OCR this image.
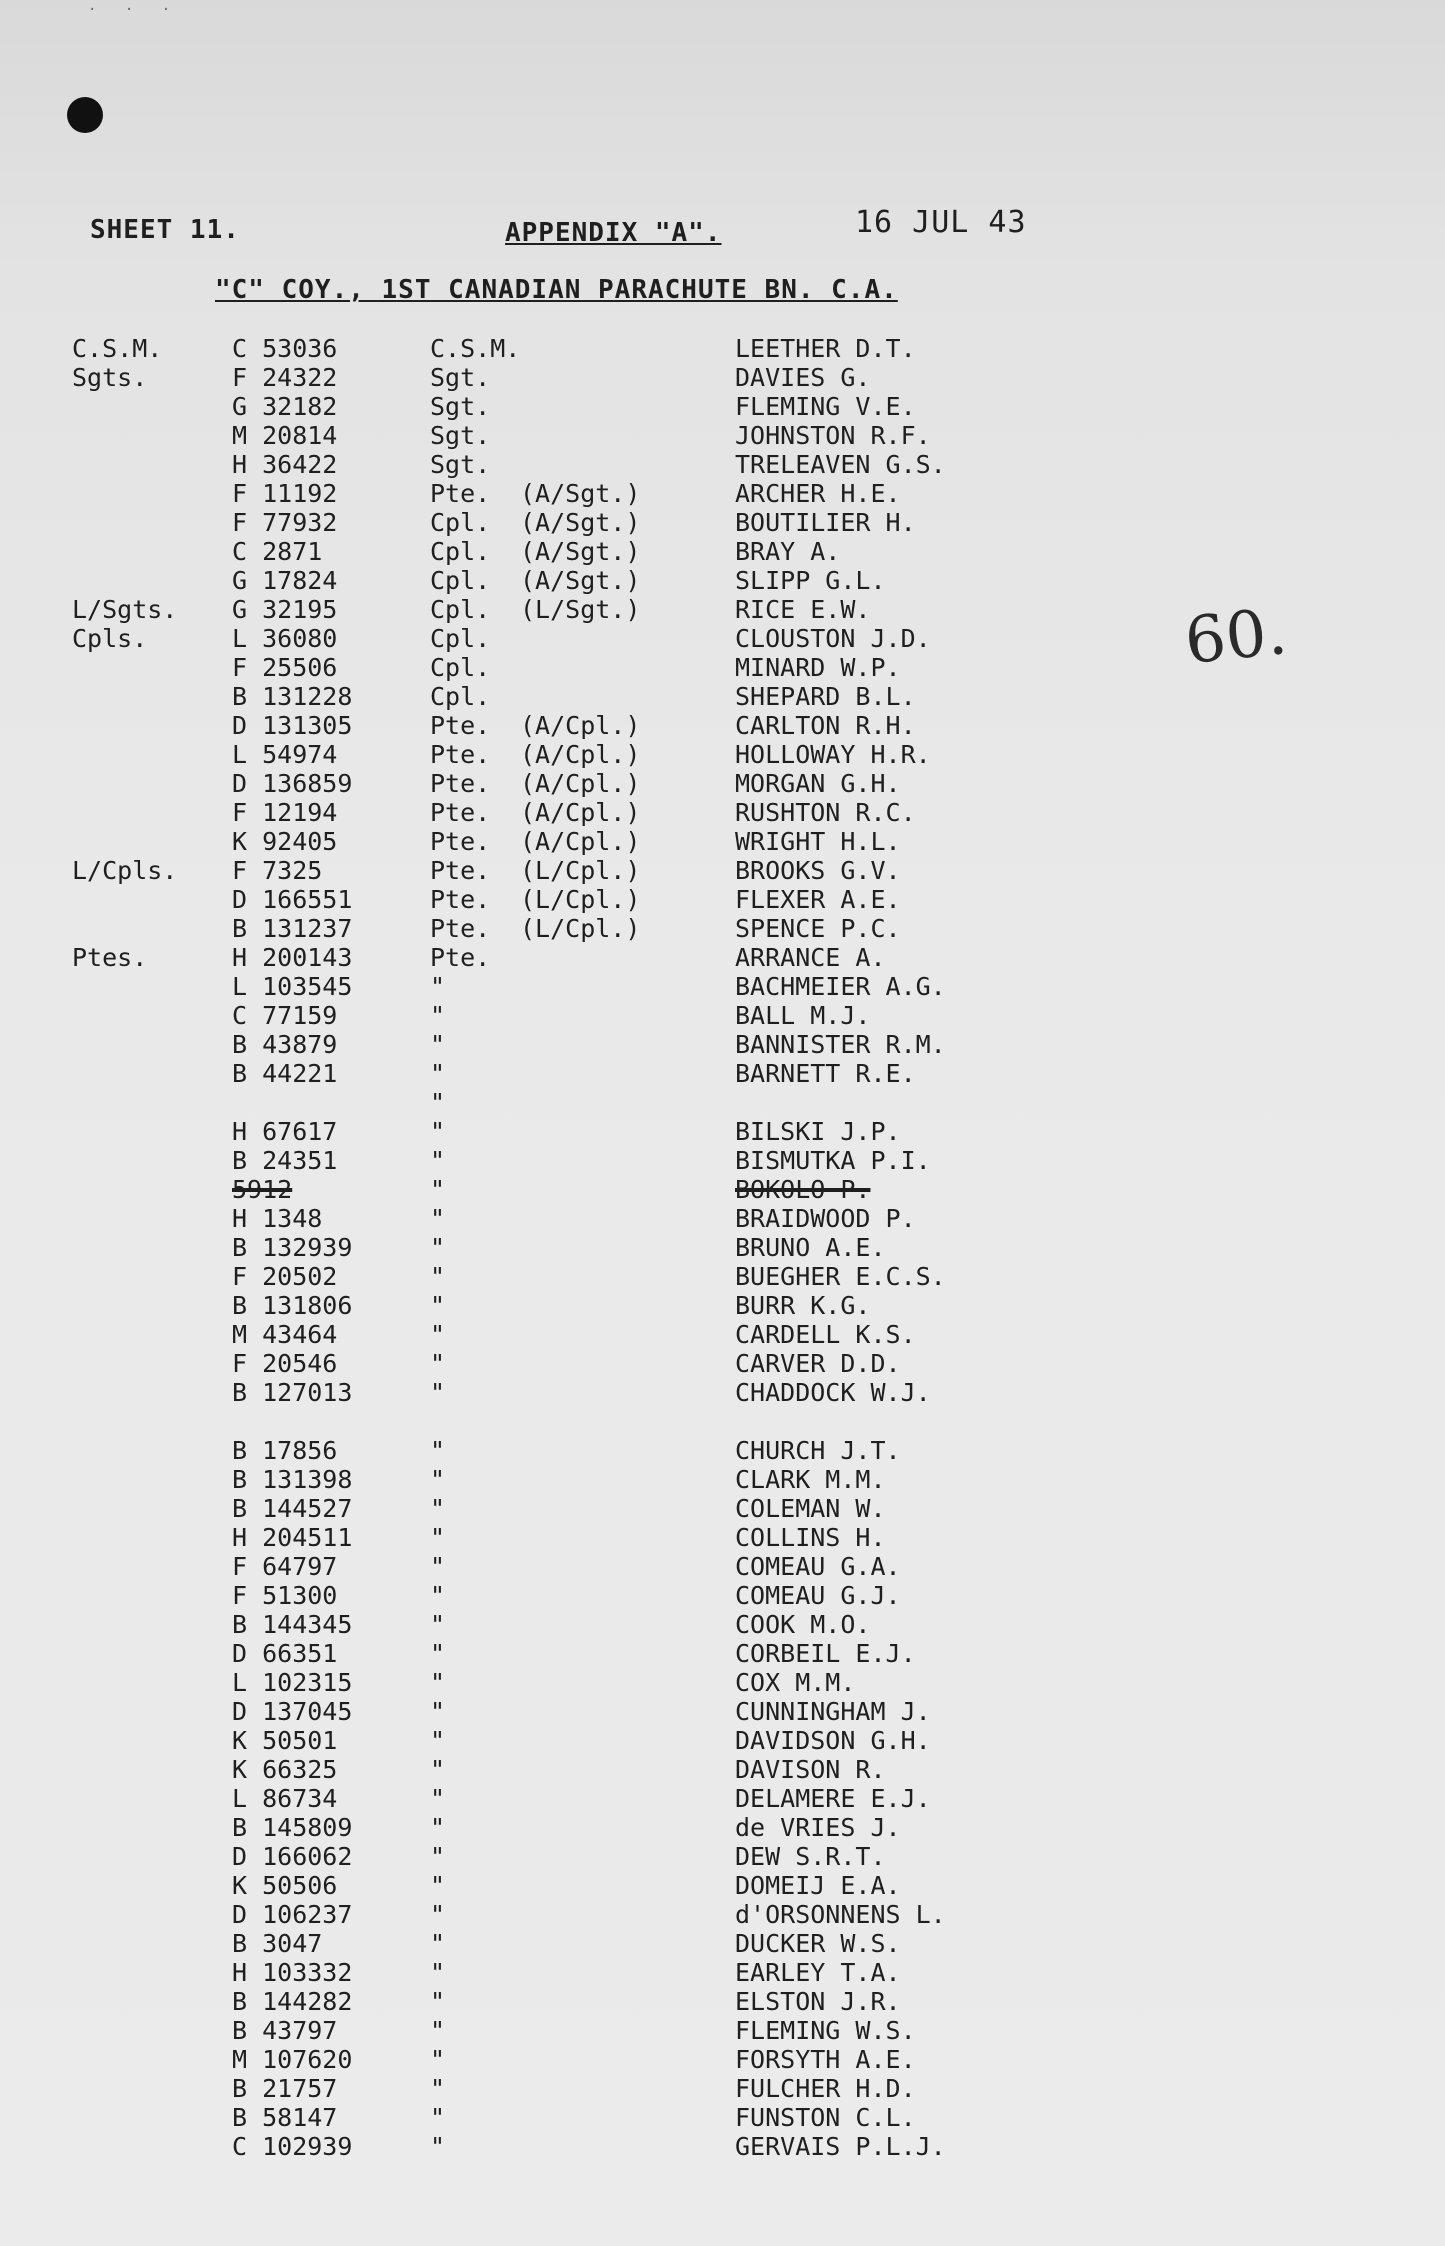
· · ·
SHEET 11.	APPENDIX "A".	16 JUL 43
"C" COY., 1ST CANADIAN PARACHUTE BN. C.A.
60.
C.S.M.	C 53036	C.S.M.	LEETHER D.T.
Sgts.	F 24322	Sgt.	DAVIES G.
G 32182	Sgt.	FLEMING V.E.
M 20814	Sgt.	JOHNSTON R.F.
H 36422	Sgt.	TRELEAVEN G.S.
F 11192	Pte. (A/Sgt.)	ARCHER H.E.
F 77932	Cpl. (A/Sgt.)	BOUTILIER H.
C 2871	Cpl. (A/Sgt.)	BRAY A.
G 17824	Cpl. (A/Sgt.)	SLIPP G.L.
L/Sgts. G 32195	Cpl. (L/Sgt.)	RICE E.W.
Cpls.	L 36080	Cpl.	CLOUSTON J.D.
F 25506	Cpl.	MINARD W.P.
B 131228	Cpl.	SHEPARD B.L.
D 131305	Pte. (A/Cpl.)	CARLTON R.H.
L 54974	Pte. (A/Cpl.)	HOLLOWAY H.R.
D 136859	Pte. (A/Cpl.)	MORGAN G.H.
F 12194	Pte. (A/Cpl.)	RUSHTON R.C.
K 92405	Pte. (A/Cpl.)	WRIGHT H.L.
L/Cpls. F 7325	Pte. (L/Cpl.)	BROOKS G.V.
D 166551	Pte. (L/Cpl.)	FLEXER A.E.
B 131237	Pte. (L/Cpl.)	SPENCE P.C.
Ptes.	H 200143	Pte.	ARRANCE A.
L 103545	"	BACHMEIER A.G.
C 77159	"	BALL M.J.
B 43879	"	BANNISTER R.M.
B 44221	"	BARNETT R.E.
"
H 67617	"	BILSKI J.P.
B 24351	"	BISMUTKA P.I.
5912	"	BOKOLO P.
H 1348	"	BRAIDWOOD P.
B 132939	"	BRUNO A.E.
F 20502	"	BUEGHER E.C.S.
B 131806	"	BURR K.G.
M 43464	"	CARDELL K.S.
F 20546	"	CARVER D.D.
B 127013	"	CHADDOCK W.J.
B 17856	"	CHURCH J.T.
B 131398	"	CLARK M.M.
B 144527	"	COLEMAN W.
H 204511	"	COLLINS H.
F 64797	"	COMEAU G.A.
F 51300	"	COMEAU G.J.
B 144345	"	COOK M.O.
D 66351	"	CORBEIL E.J.
L 102315	"	COX M.M.
D 137045	"	CUNNINGHAM J.
K 50501	"	DAVIDSON G.H.
K 66325	"	DAVISON R.
L 86734	"	DELAMERE E.J.
B 145809	"	de VRIES J.
D 166062	"	DEW S.R.T.
K 50506	"	DOMEIJ E.A.
D 106237	"	d'ORSONNENS L.
B 3047	"	DUCKER W.S.
H 103332	"	EARLEY T.A.
B 144282	"	ELSTON J.R.
B 43797	"	FLEMING W.S.
M 107620	"	FORSYTH A.E.
B 21757	"	FULCHER H.D.
B 58147	"	FUNSTON C.L.
C 102939	"	GERVAIS P.L.J.
